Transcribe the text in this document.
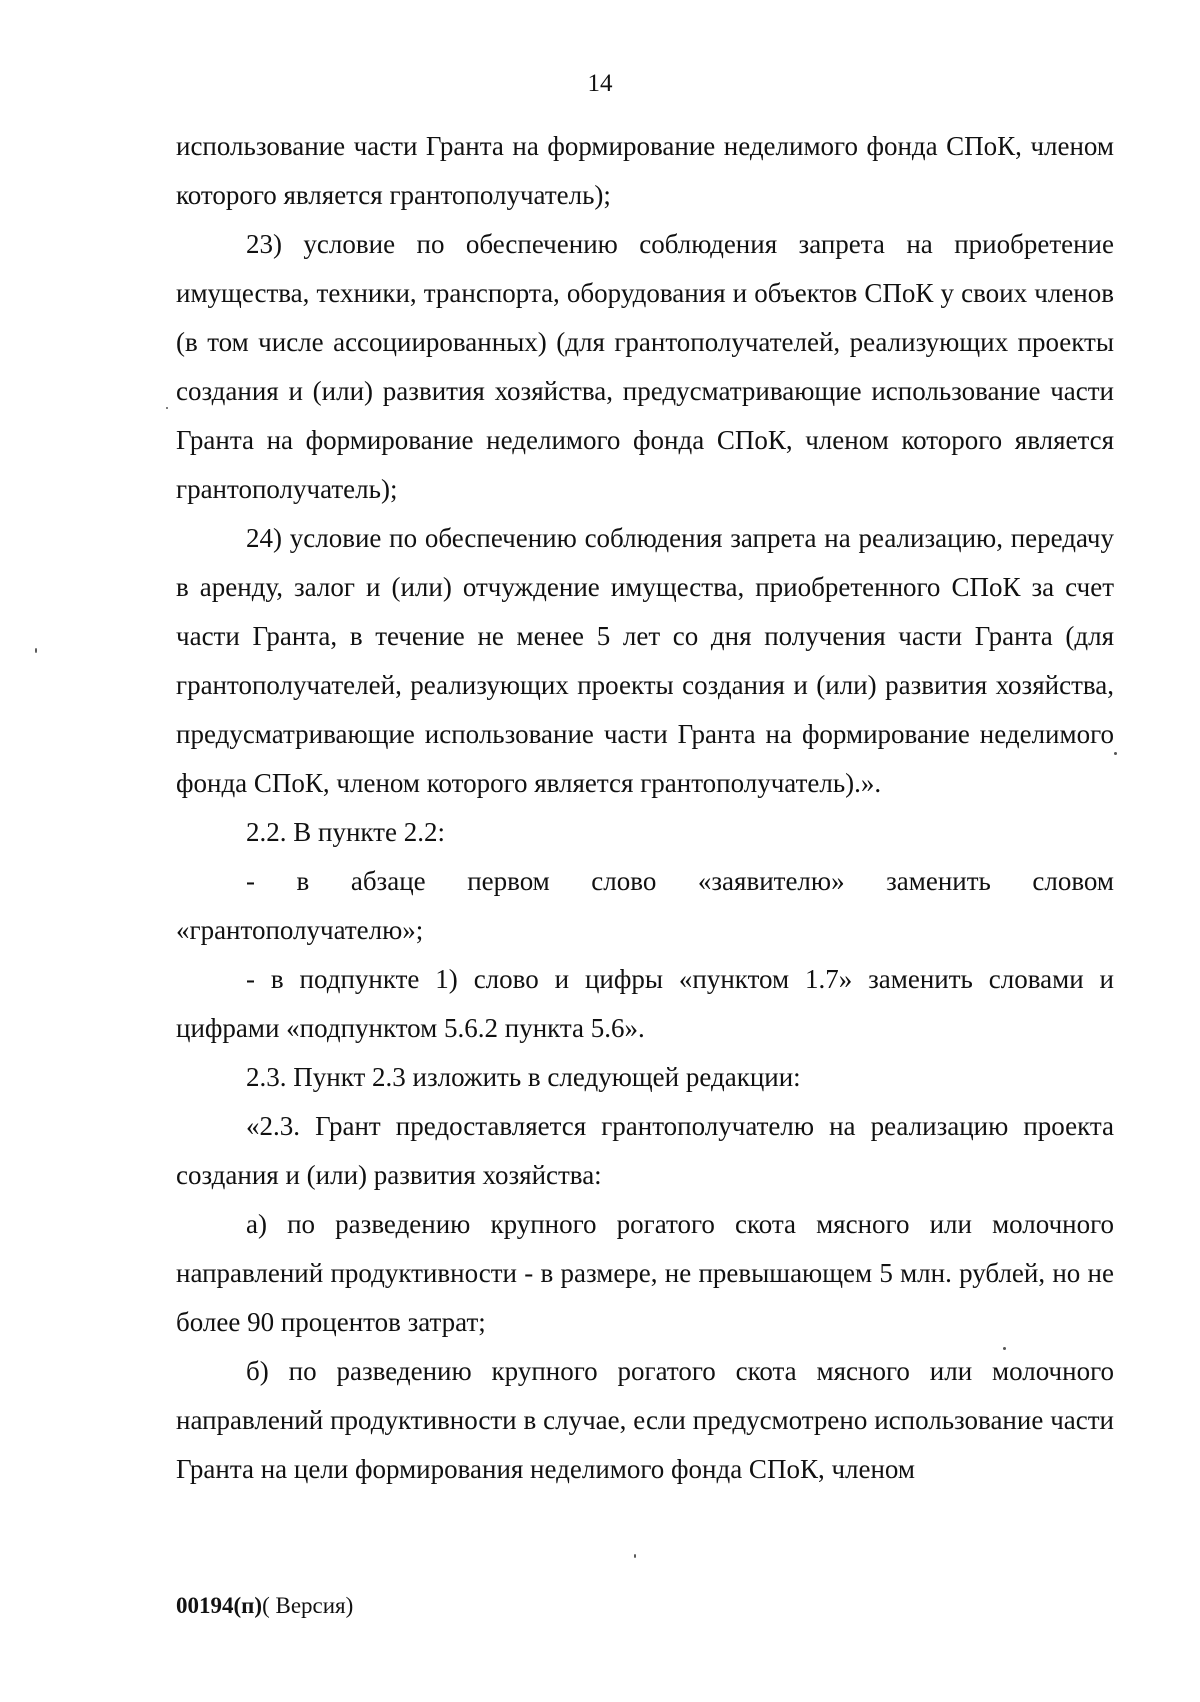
14

использование части Гранта на формирование неделимого фонда СПоК, членом которого является грантополучатель);

23) условие по обеспечению соблюдения запрета на приобретение имущества, техники, транспорта, оборудования и объектов СПоК у своих членов (в том числе ассоциированных) (для грантополучателей, реализующих проекты создания и (или) развития хозяйства, предусматривающие использование части Гранта на формирование неделимого фонда СПоК, членом которого является грантополучатель);

24) условие по обеспечению соблюдения запрета на реализацию, передачу в аренду, залог и (или) отчуждение имущества, приобретенного СПоК за счет части Гранта, в течение не менее 5 лет со дня получения части Гранта (для грантополучателей, реализующих проекты создания и (или) развития хозяйства, предусматривающие использование части Гранта на формирование неделимого фонда СПоК, членом которого является грантополучатель).».

2.2. В пункте 2.2:

- в абзаце первом слово «заявителю» заменить словом «грантополучателю»;

- в подпункте 1) слово и цифры «пунктом 1.7» заменить словами и цифрами «подпунктом 5.6.2 пункта 5.6».

2.3. Пункт 2.3 изложить в следующей редакции:

«2.3. Грант предоставляется грантополучателю на реализацию проекта создания и (или) развития хозяйства:

а) по разведению крупного рогатого скота мясного или молочного направлений продуктивности - в размере, не превышающем 5 млн. рублей, но не более 90 процентов затрат;

б) по разведению крупного рогатого скота мясного или молочного направлений продуктивности в случае, если предусмотрено использование части Гранта на цели формирования неделимого фонда СПоК, членом

00194(п)( Версия)
